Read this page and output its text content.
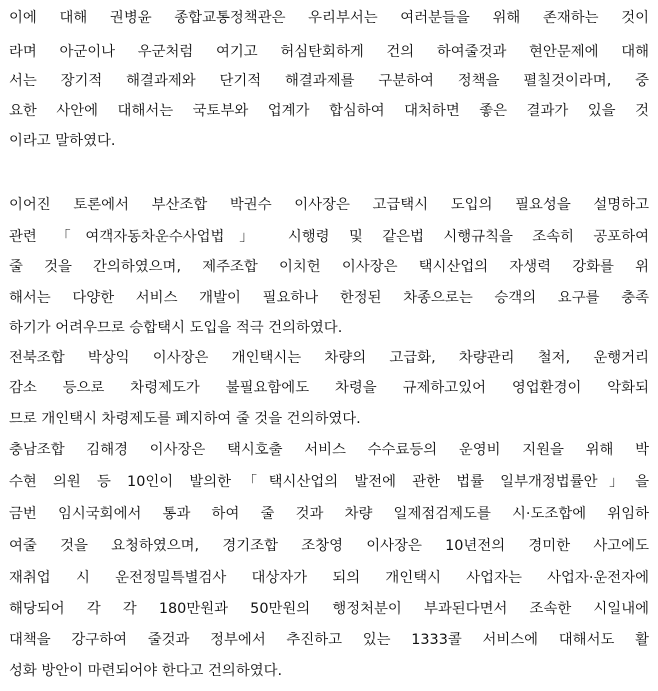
이에 대해 권병윤 종합교통정책관은 우리부서는 여러분들을 위해 존재하는 것이
라며 아군이나 우군처럼 여기고 허심탄회하게 건의 하여줄것과 현안문제에 대해
서는 장기적 해결과제와 단기적 해결과제를 구분하여 정책을 펼칠것이라며, 중
요한 사안에 대해서는 국토부와 업계가 합심하여 대처하면 좋은 결과가 있을 것
이라고 말하였다.
이어진 토론에서 부산조합 박권수 이사장은 고급택시 도입의 필요성을 설명하고
관련 「여객자동차운수사업법」 시행령 및 같은법 시행규칙을 조속히 공포하여
줄 것을 간의하였으며, 제주조합 이치헌 이사장은 택시산업의 자생력 강화를 위
해서는 다양한 서비스 개발이 필요하나 한정된 차종으로는 승객의 요구를 충족
하기가 어려우므로 승합택시 도입을 적극 건의하였다.
전북조합 박상익 이사장은 개인택시는 차량의 고급화, 차량관리 철저, 운행거리
감소 등으로 차령제도가 불필요함에도 차령을 규제하고있어 영업환경이 악화되
므로 개인택시 차령제도를 폐지하여 줄 것을 건의하였다.
충남조합 김해경 이사장은 택시호출 서비스 수수료등의 운영비 지원을 위해 박
수현 의원 등 10인이 발의한「택시산업의 발전에 관한 법률 일부개정법률안」을
금번 임시국회에서 통과 하여 줄 것과 차량 일제점검제도를 시·도조합에 위임하
여줄 것을 요청하였으며, 경기조합 조창영 이사장은 10년전의 경미한 사고에도
재취업 시 운전정밀특별검사 대상자가 되의 개인택시 사업자는 사업자·운전자에
해당되어 각 각 180만원과 50만원의 행정처분이 부과된다면서 조속한 시일내에
대책을 강구하여 줄것과 정부에서 추진하고 있는 1333콜 서비스에 대해서도 활
성화 방안이 마련되어야 한다고 건의하였다.
